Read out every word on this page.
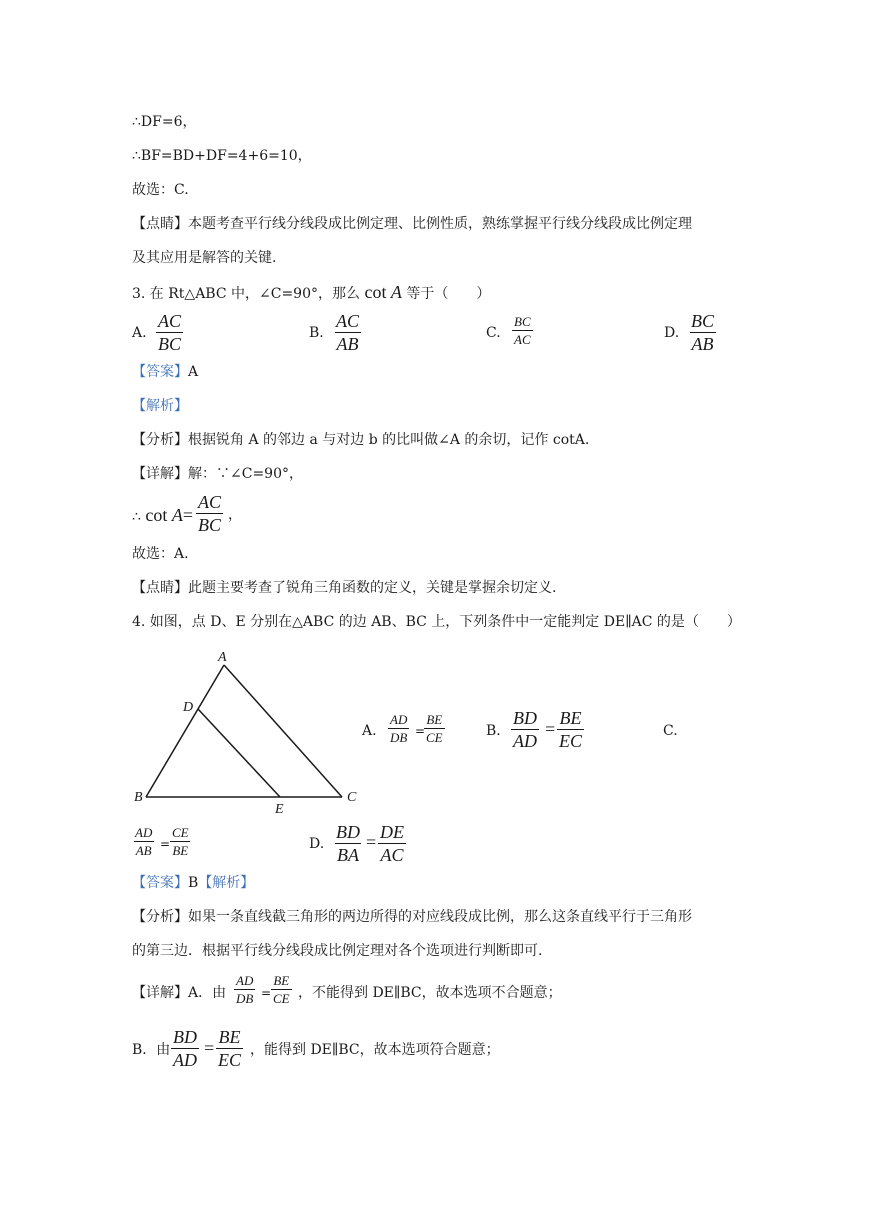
∴DF=6，
∴BF=BD+DF=4+6=10，
故选：C.
【点睛】本题考查平行线分线段成比例定理、比例性质，熟练掌握平行线分线段成比例定理
及其应用是解答的关键.
3. 在 Rt△ABC 中，∠C=90°，那么 cot A 等于（　　）
A. $\frac{AC}{BC}$	B. $\frac{AC}{AB}$	C. $\frac{BC}{AC}$	D. $\frac{BC}{AB}$
【答案】A
【解析】
【分析】根据锐角 A 的邻边 a 与对边 b 的比叫做∠A 的余切，记作 cotA.
【详解】解：∵∠C=90°，
∴ $\cot A= \frac{AC}{BC}$ ，
故选：A.
【点睛】此题主要考查了锐角三角函数的定义，关键是掌握余切定义.
4. 如图，点 D、E 分别在△ABC 的边 AB、BC 上，下列条件中一定能判定 DE∥AC 的是（　　）
A
B	C
D
E
A. $\frac{AD}{DB}$ =
$\frac{BE}{CE}$	B. $\frac{BD}{AD} = \frac{BE}{EC}$	C.
$\frac{AD}{AB} = \frac{CE}{BE}$	D. $\frac{BD}{BA} = \frac{DE}{AC}$
【答案】B【解析】
【分析】如果一条直线截三角形的两边所得的对应线段成比例，那么这条直线平行于三角形
的第三边．根据平行线分线段成比例定理对各个选项进行判断即可.
【详解】A．由 $\frac{AD}{DB} = \frac{BE}{CE}$ ，不能得到 DE∥BC，故本选项不合题意；
B．由 $\frac{BD}{AD} = \frac{BE}{EC}$ ，能得到 DE∥BC，故本选项符合题意；
